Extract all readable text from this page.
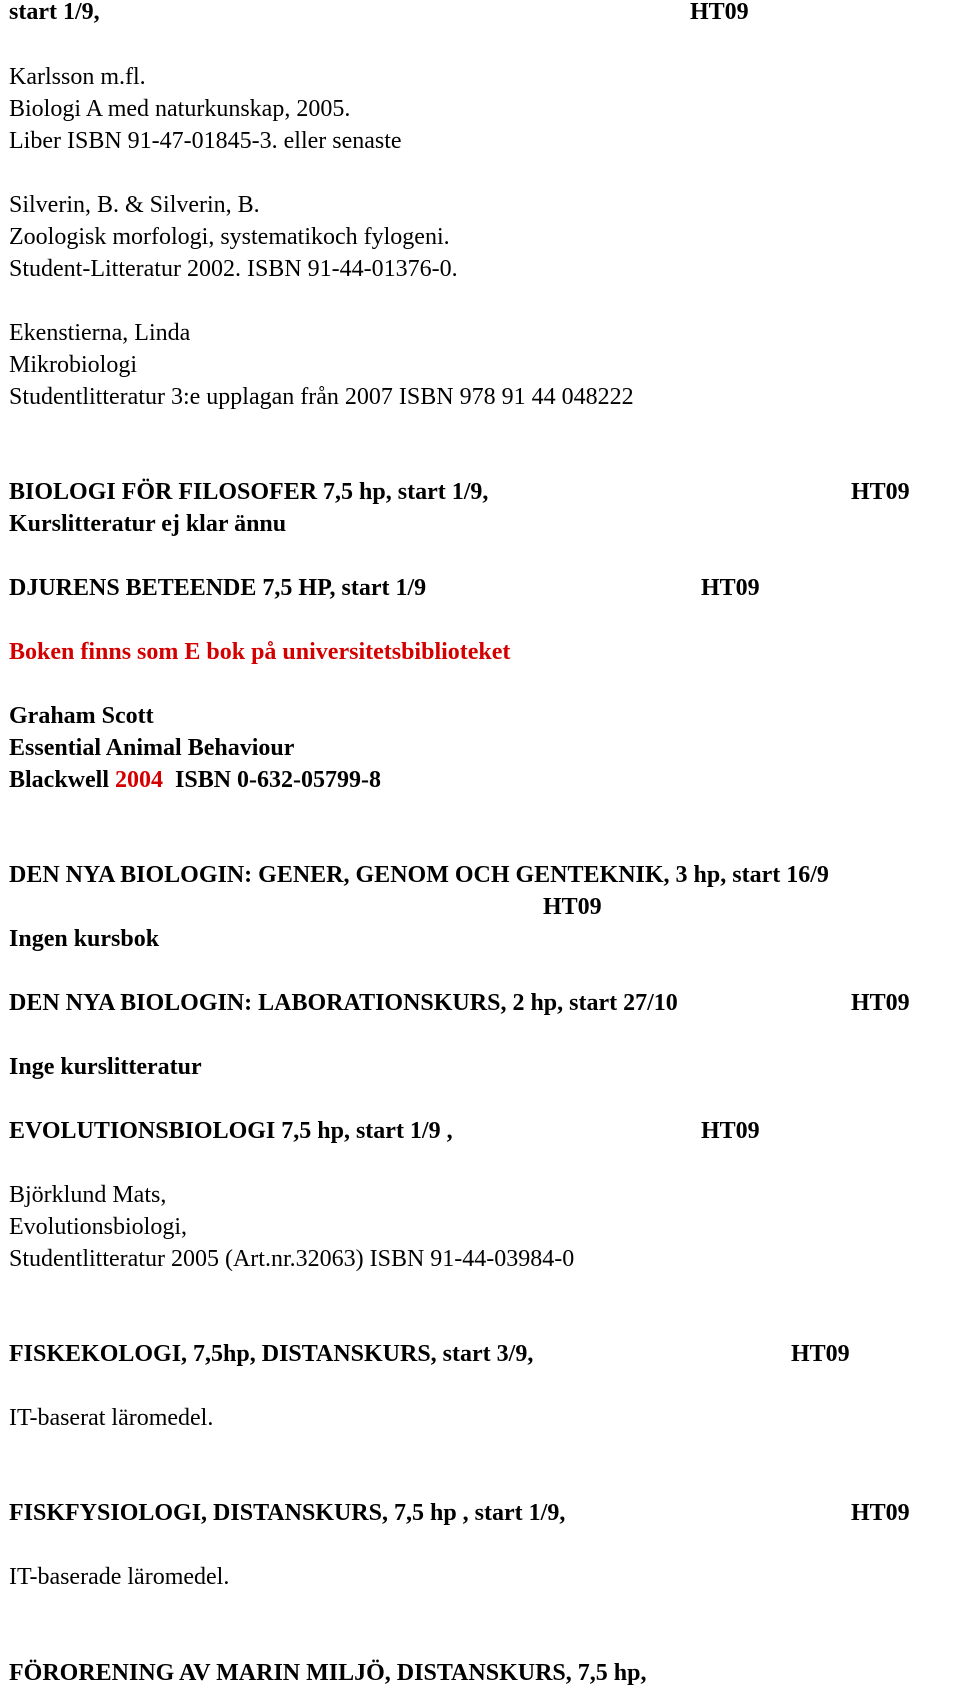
start 1/9,	HT09
Karlsson m.fl.
Biologi A med naturkunskap, 2005.
Liber ISBN 91-47-01845-3. eller senaste
Silverin, B. & Silverin, B.
Zoologisk morfologi, systematikoch fylogeni.
Student-Litteratur 2002. ISBN 91-44-01376-0.
Ekenstierna, Linda
Mikrobiologi
Studentlitteratur 3:e upplagan från 2007 ISBN 978 91 44 048222
BIOLOGI FÖR FILOSOFER 7,5 hp, start 1/9,	HT09
Kurslitteratur ej klar ännu
DJURENS BETEENDE 7,5 HP, start 1/9	HT09
Boken finns som E bok på universitetsbiblioteket
Graham Scott
Essential Animal Behaviour
Blackwell 2004  ISBN 0-632-05799-8
DEN NYA BIOLOGIN: GENER, GENOM OCH GENTEKNIK, 3 hp, start 16/9
HT09
Ingen kursbok
DEN NYA BIOLOGIN: LABORATIONSKURS, 2 hp, start 27/10	HT09
Inge kurslitteratur
EVOLUTIONSBIOLOGI 7,5 hp, start 1/9 ,	HT09
Björklund Mats,
Evolutionsbiologi,
Studentlitteratur 2005 (Art.nr.32063) ISBN 91-44-03984-0
FISKEKOLOGI, 7,5hp, DISTANSKURS, start 3/9,	HT09
IT-baserat läromedel.
FISKFYSIOLOGI, DISTANSKURS, 7,5 hp , start 1/9,	HT09
IT-baserade läromedel.
FÖRORENING AV MARIN MILJÖ, DISTANSKURS, 7,5 hp,
